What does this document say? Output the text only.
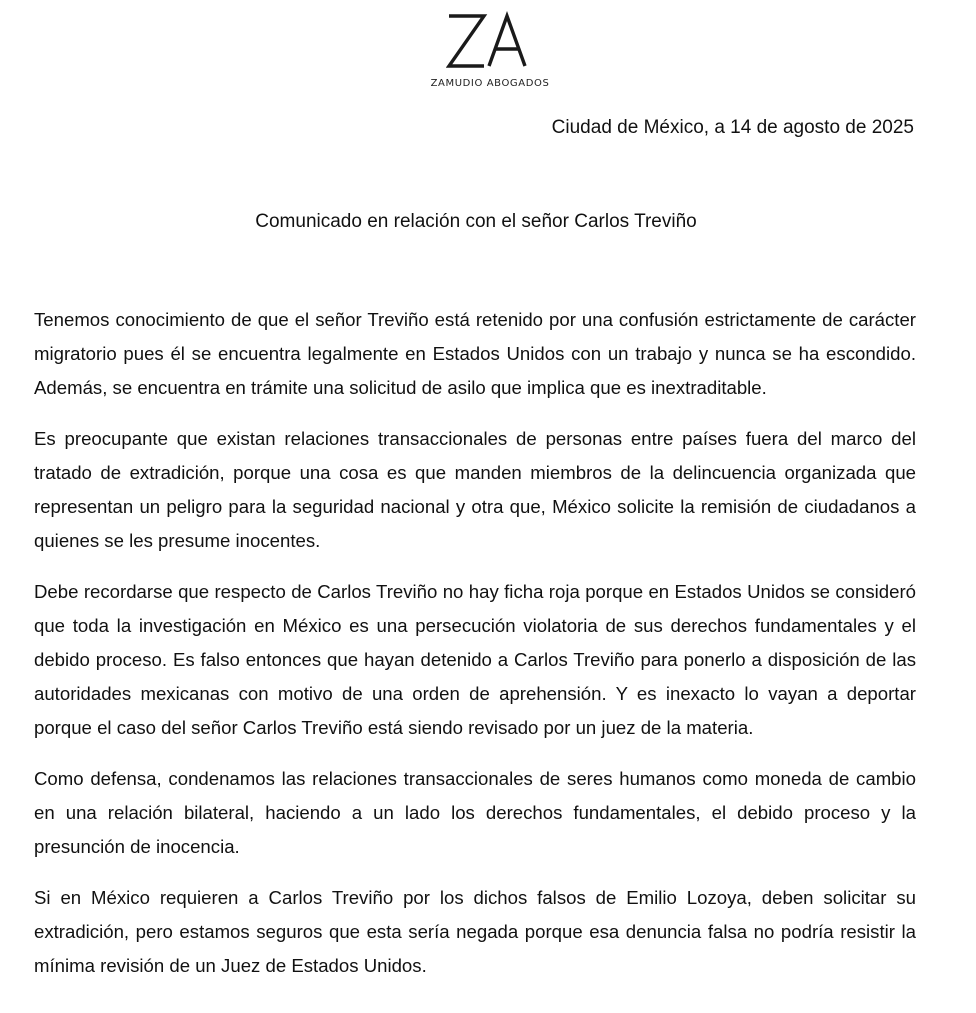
ZAMUDIO ABOGADOS
Ciudad de México, a 14 de agosto de 2025
Comunicado en relación con el señor Carlos Treviño

Tenemos conocimiento de que el señor Treviño está retenido por una confusión estrictamente de carácter migratorio pues él se encuentra legalmente en Estados Unidos con un trabajo y nunca se ha escondido. Además, se encuentra en trámite una solicitud de asilo que implica que es inextraditable.

Es preocupante que existan relaciones transaccionales de personas entre países fuera del marco del tratado de extradición, porque una cosa es que manden miembros de la delincuencia organizada que representan un peligro para la seguridad nacional y otra que, México solicite la remisión de ciudadanos a quienes se les presume inocentes.

Debe recordarse que respecto de Carlos Treviño no hay ficha roja porque en Estados Unidos se consideró que toda la investigación en México es una persecución violatoria de sus derechos fundamentales y el debido proceso. Es falso entonces que hayan detenido a Carlos Treviño para ponerlo a disposición de las autoridades mexicanas con motivo de una orden de aprehensión. Y es inexacto lo vayan a deportar porque el caso del señor Carlos Treviño está siendo revisado por un juez de la materia.

Como defensa, condenamos las relaciones transaccionales de seres humanos como moneda de cambio en una relación bilateral, haciendo a un lado los derechos fundamentales, el debido proceso y la presunción de inocencia.

Si en México requieren a Carlos Treviño por los dichos falsos de Emilio Lozoya, deben solicitar su extradición, pero estamos seguros que esta sería negada porque esa denuncia falsa no podría resistir la mínima revisión de un Juez de Estados Unidos.
